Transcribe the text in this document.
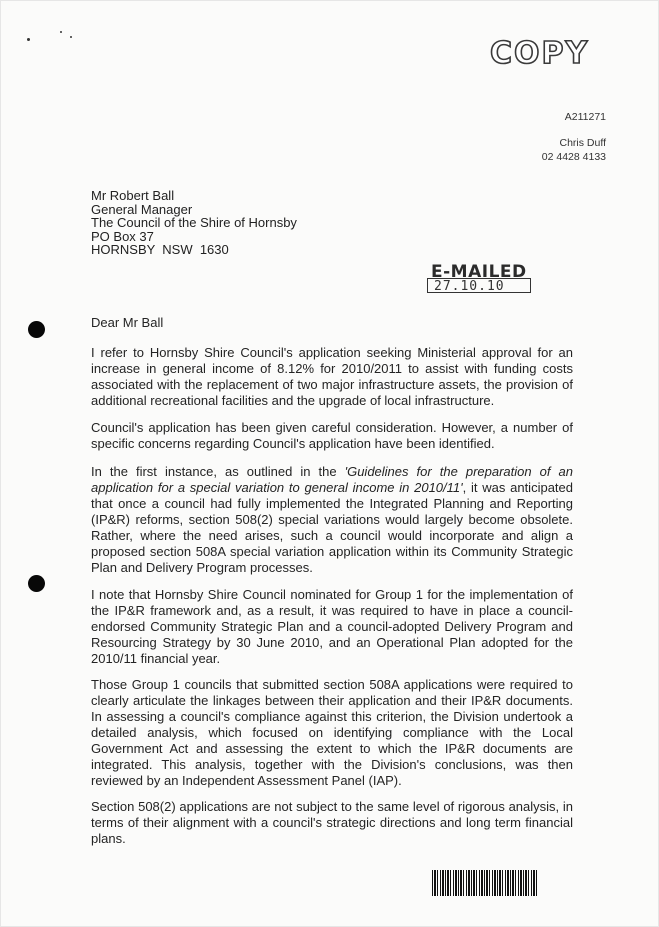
COPY
A211271
Chris Duff
02 4428 4133
Mr Robert Ball
General Manager
The Council of the Shire of Hornsby
PO Box 37
HORNSBY  NSW  1630
E-MAILED
27.10.10
Dear Mr Ball

I refer to Hornsby Shire Council's application seeking Ministerial approval for an increase in general income of 8.12% for 2010/2011 to assist with funding costs associated with the replacement of two major infrastructure assets, the provision of additional recreational facilities and the upgrade of local infrastructure.

Council's application has been given careful consideration. However, a number of specific concerns regarding Council's application have been identified.

In the first instance, as outlined in the 'Guidelines for the preparation of an application for a special variation to general income in 2010/11', it was anticipated that once a council had fully implemented the Integrated Planning and Reporting (IP&R) reforms, section 508(2) special variations would largely become obsolete. Rather, where the need arises, such a council would incorporate and align a proposed section 508A special variation application within its Community Strategic Plan and Delivery Program processes.

I note that Hornsby Shire Council nominated for Group 1 for the implementation of the IP&R framework and, as a result, it was required to have in place a council-endorsed Community Strategic Plan and a council-adopted Delivery Program and Resourcing Strategy by 30 June 2010, and an Operational Plan adopted for the 2010/11 financial year.

Those Group 1 councils that submitted section 508A applications were required to clearly articulate the linkages between their application and their IP&R documents. In assessing a council's compliance against this criterion, the Division undertook a detailed analysis, which focused on identifying compliance with the Local Government Act and assessing the extent to which the IP&R documents are integrated. This analysis, together with the Division's conclusions, was then reviewed by an Independent Assessment Panel (IAP).

Section 508(2) applications are not subject to the same level of rigorous analysis, in terms of their alignment with a council's strategic directions and long term financial plans.
